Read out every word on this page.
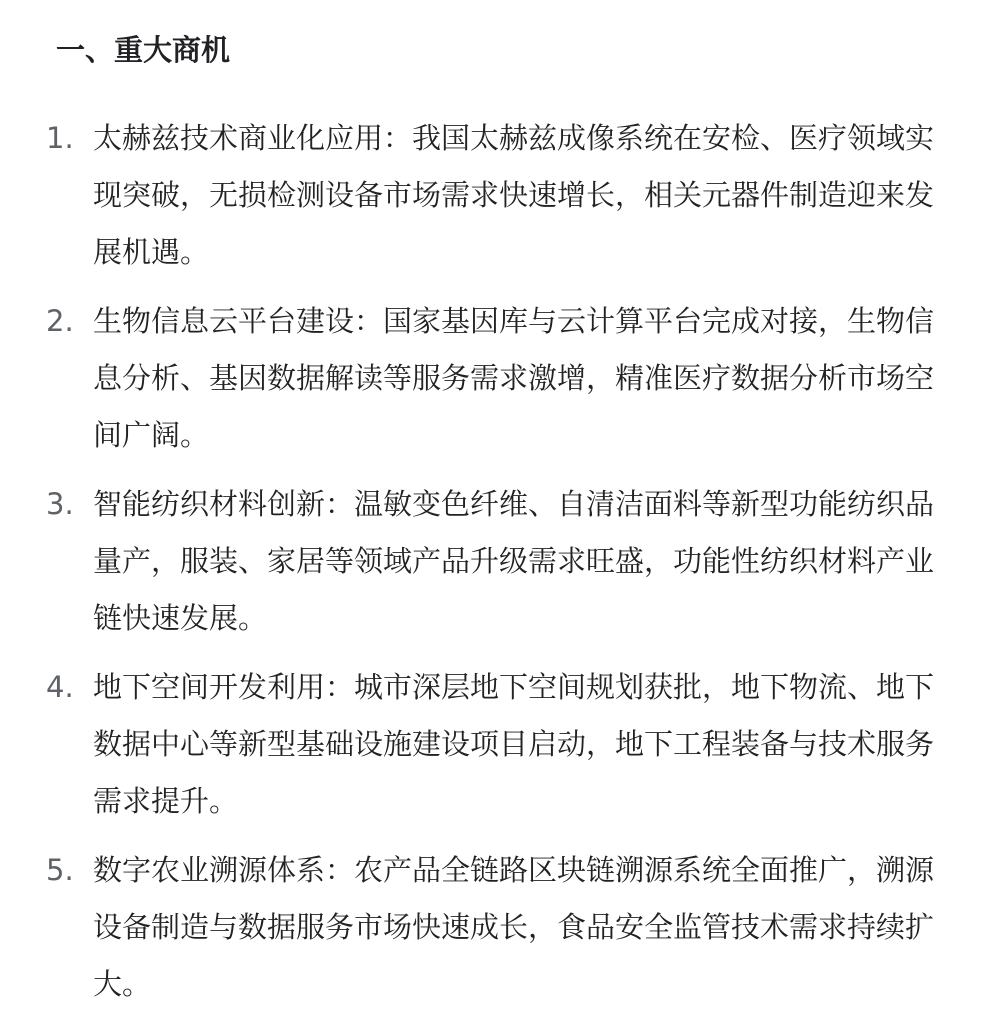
一、重大商机
1. 太赫兹技术商业化应用：我国太赫兹成像系统在安检、医疗领域实现突破，无损检测设备市场需求快速增长，相关元器件制造迎来发展机遇。
2. 生物信息云平台建设：国家基因库与云计算平台完成对接，生物信息分析、基因数据解读等服务需求激增，精准医疗数据分析市场空间广阔。
3. 智能纺织材料创新：温敏变色纤维、自清洁面料等新型功能纺织品量产，服装、家居等领域产品升级需求旺盛，功能性纺织材料产业链快速发展。
4. 地下空间开发利用：城市深层地下空间规划获批，地下物流、地下数据中心等新型基础设施建设项目启动，地下工程装备与技术服务需求提升。
5. 数字农业溯源体系：农产品全链路区块链溯源系统全面推广，溯源设备制造与数据服务市场快速成长，食品安全监管技术需求持续扩大。
